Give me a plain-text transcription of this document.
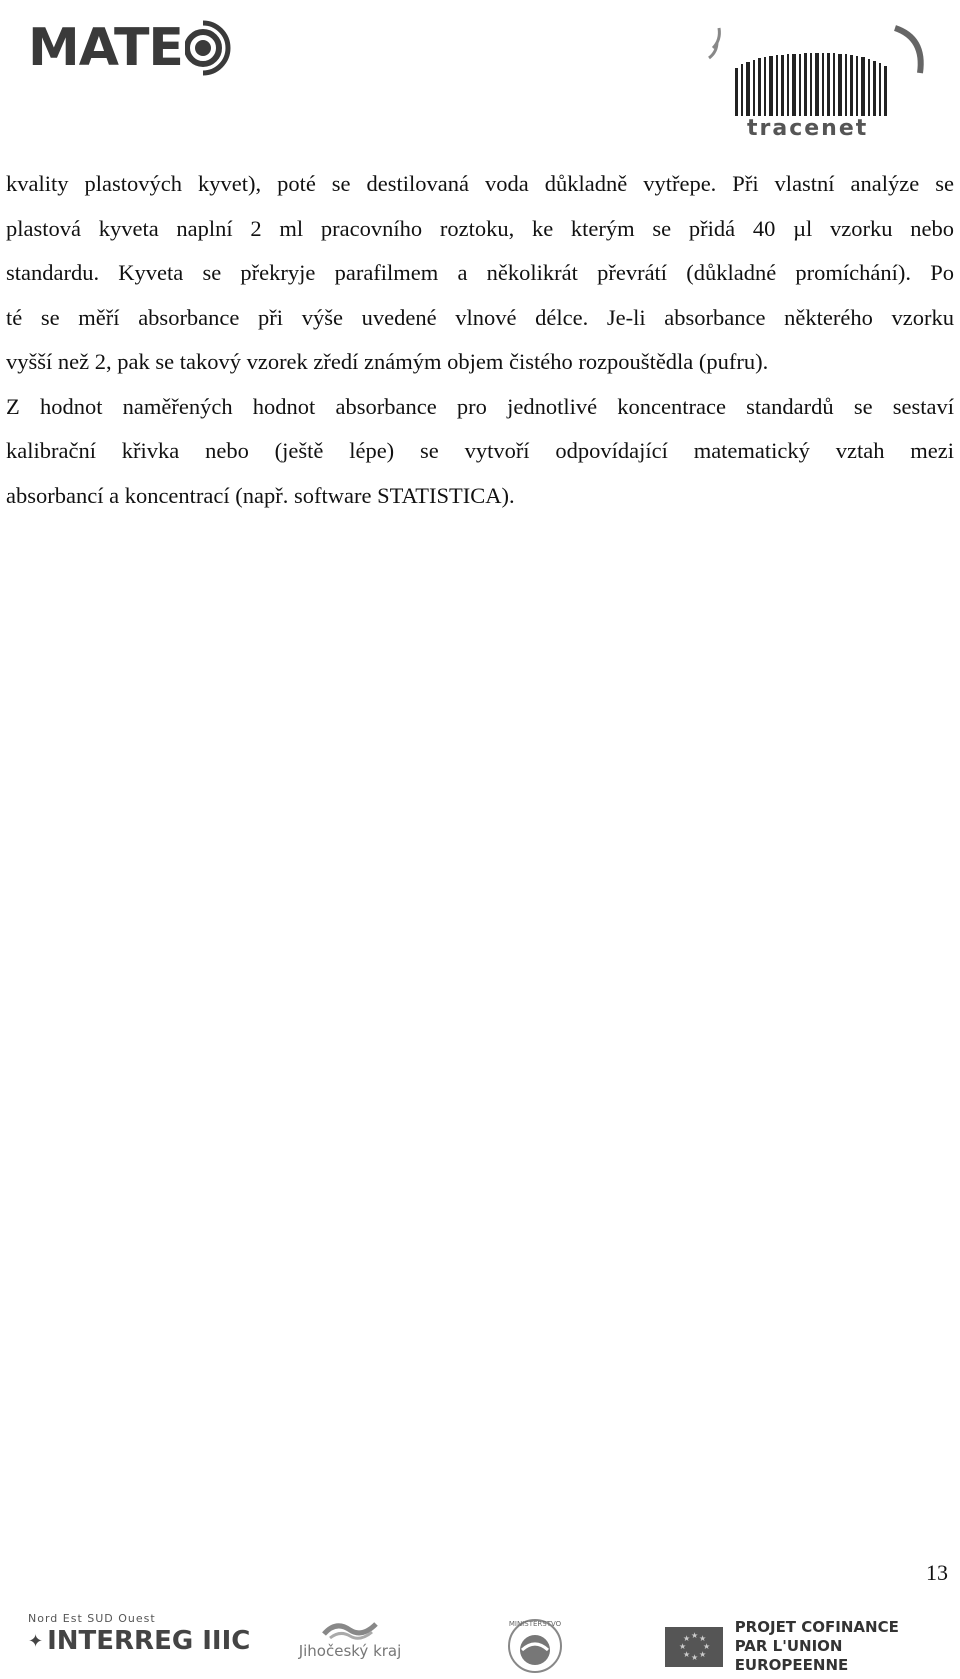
MATE
tracenet

kvality plastových kyvet), poté se destilovaná voda důkladně vytřepe. Při vlastní analýze se
plastová kyveta naplní 2 ml pracovního roztoku, ke kterým se přidá 40 µl vzorku nebo
standardu. Kyveta se překryje parafilmem a několikrát převrátí (důkladné promíchání). Po
té se měří absorbance při výše uvedené vlnové délce. Je-li absorbance některého vzorku
vyšší než 2, pak se takový vzorek zředí známým objem čistého rozpouštědla (pufru).

Z hodnot naměřených hodnot absorbance pro jednotlivé koncentrace standardů se sestaví
kalibrační křivka nebo (ještě lépe) se vytvoří odpovídající matematický vztah mezi
absorbancí a koncentrací (např. software STATISTICA).

13
Nord Est SUD Ouest
✦ INTERREG IIIC	Jihočeský kraj
MINISTERSTVO
★ ★
★
★
★
★
★
★
PROJET COFINANCE
PAR L'UNION EUROPEENNE
